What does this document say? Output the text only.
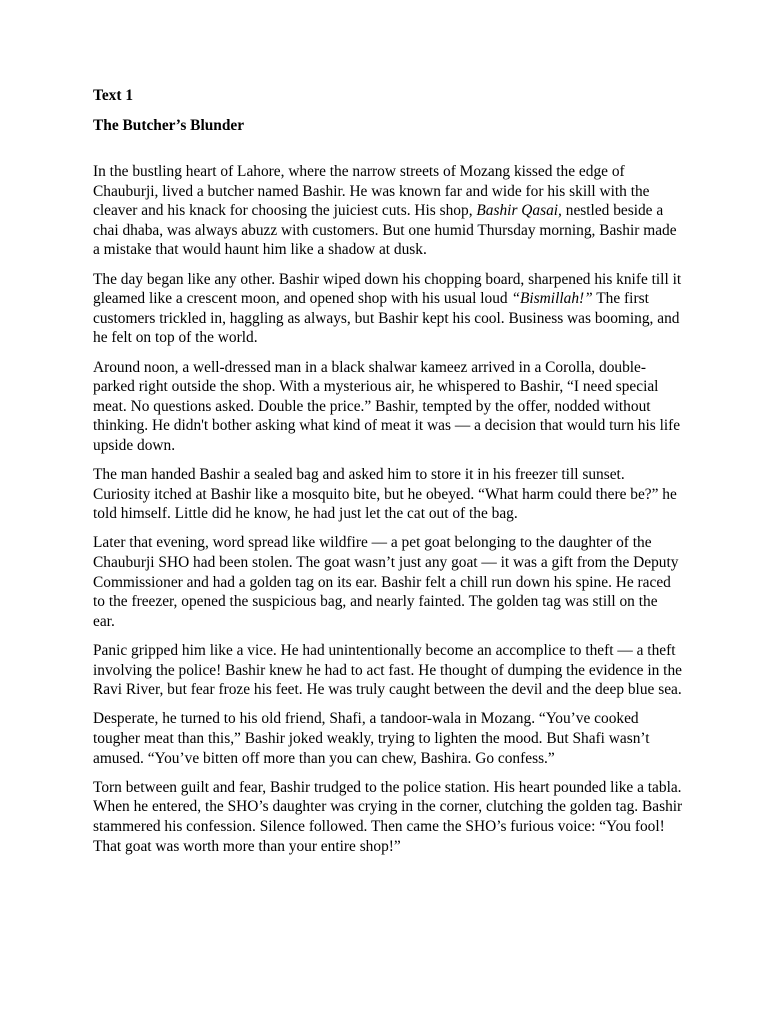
Text 1

The Butcher’s Blunder

In the bustling heart of Lahore, where the narrow streets of Mozang kissed the edge of Chauburji, lived a butcher named Bashir. He was known far and wide for his skill with the cleaver and his knack for choosing the juiciest cuts. His shop, Bashir Qasai, nestled beside a chai dhaba, was always abuzz with customers. But one humid Thursday morning, Bashir made a mistake that would haunt him like a shadow at dusk.

The day began like any other. Bashir wiped down his chopping board, sharpened his knife till it gleamed like a crescent moon, and opened shop with his usual loud “Bismillah!” The first customers trickled in, haggling as always, but Bashir kept his cool. Business was booming, and he felt on top of the world.

Around noon, a well-dressed man in a black shalwar kameez arrived in a Corolla, double-parked right outside the shop. With a mysterious air, he whispered to Bashir, “I need special meat. No questions asked. Double the price.” Bashir, tempted by the offer, nodded without thinking. He didn't bother asking what kind of meat it was — a decision that would turn his life upside down.

The man handed Bashir a sealed bag and asked him to store it in his freezer till sunset. Curiosity itched at Bashir like a mosquito bite, but he obeyed. “What harm could there be?” he told himself. Little did he know, he had just let the cat out of the bag.

Later that evening, word spread like wildfire — a pet goat belonging to the daughter of the Chauburji SHO had been stolen. The goat wasn’t just any goat — it was a gift from the Deputy Commissioner and had a golden tag on its ear. Bashir felt a chill run down his spine. He raced to the freezer, opened the suspicious bag, and nearly fainted. The golden tag was still on the ear.

Panic gripped him like a vice. He had unintentionally become an accomplice to theft — a theft involving the police! Bashir knew he had to act fast. He thought of dumping the evidence in the Ravi River, but fear froze his feet. He was truly caught between the devil and the deep blue sea.

Desperate, he turned to his old friend, Shafi, a tandoor-wala in Mozang. “You’ve cooked tougher meat than this,” Bashir joked weakly, trying to lighten the mood. But Shafi wasn’t amused. “You’ve bitten off more than you can chew, Bashira. Go confess.”

Torn between guilt and fear, Bashir trudged to the police station. His heart pounded like a tabla. When he entered, the SHO’s daughter was crying in the corner, clutching the golden tag. Bashir stammered his confession. Silence followed. Then came the SHO’s furious voice: “You fool! That goat was worth more than your entire shop!”
